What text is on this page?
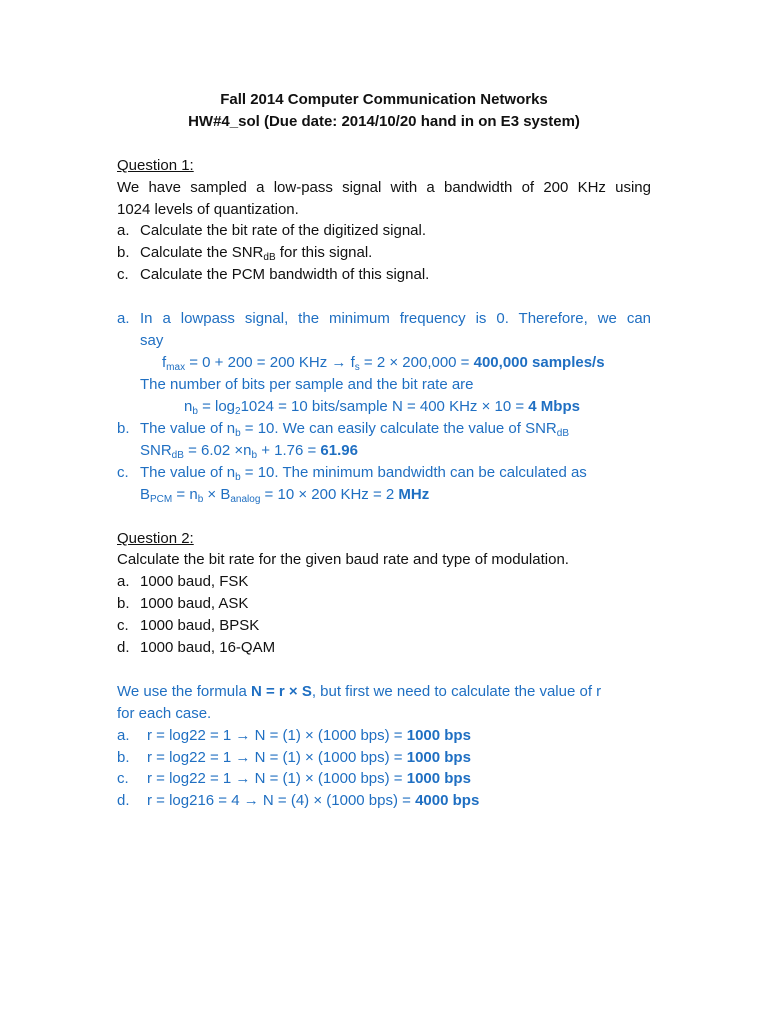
Fall 2014 Computer Communication Networks
HW#4_sol (Due date: 2014/10/20 hand in on E3 system)
Question 1:
We have sampled a low-pass signal with a bandwidth of 200 KHz using
1024 levels of quantization.
a. Calculate the bit rate of the digitized signal.
b. Calculate the $SNR_{dB}$ for this signal.
c. Calculate the PCM bandwidth of this signal.
a. In a lowpass signal, the minimum frequency is 0. Therefore, we can
say
$f_{max} = 0 + 200 = 200$ KHz → $f_s = 2 \times 200,000 = 400,000$ samples/s
The number of bits per sample and the bit rate are
$n_b = \log_21024 = 10$ bits/sample N = 400 KHz × 10 = 4 Mbps
b. The value of $n_b = 10$. We can easily calculate the value of $SNR_{dB}$
$SNR_{dB} = 6.02 \times n_b + 1.76 = 61.96$
c. The value of $n_b = 10$. The minimum bandwidth can be calculated as
$B_{PCM} = n_b \times B_{analog} = 10 \times 200$ KHz = 2 MHz
Question 2:
Calculate the bit rate for the given baud rate and type of modulation.
a. 1000 baud, FSK
b. 1000 baud, ASK
c. 1000 baud, BPSK
d. 1000 baud, 16-QAM
We use the formula N = r × S, but first we need to calculate the value of r
for each case.
a. r = log22 = 1 → N = (1) × (1000 bps) = 1000 bps
b. r = log22 = 1 → N = (1) × (1000 bps) = 1000 bps
c. r = log22 = 1 → N = (1) × (1000 bps) = 1000 bps
d. r = log216 = 4 → N = (4) × (1000 bps) = 4000 bps
